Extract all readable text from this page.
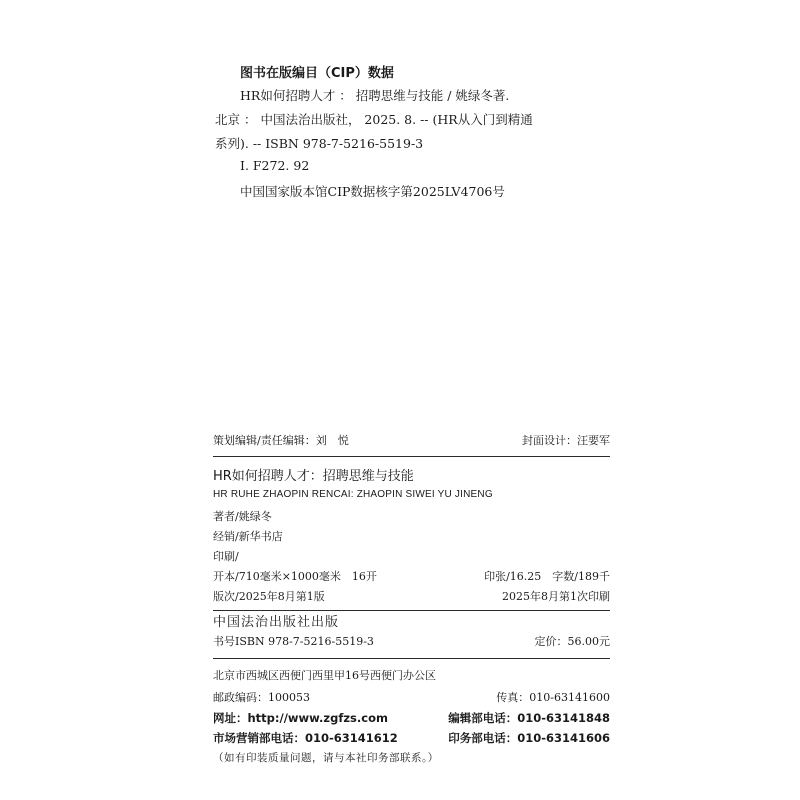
图书在版编目（CIP）数据
HR如何招聘人才 ： 招聘思维与技能 / 姚绿冬著.
北京 ： 中国法治出版社， 2025. 8. -- (HR从入门到精通
系列). -- ISBN 978-7-5216-5519-3
Ⅰ. F272. 92
中国国家版本馆CIP数据核字第2025LV4706号
策划编辑/责任编辑：刘　悦	封面设计：汪要军
HR如何招聘人才：招聘思维与技能
HR RUHE ZHAOPIN RENCAI: ZHAOPIN SIWEI YU JINENG
著者/姚绿冬
经销/新华书店
印刷/
开本/710毫米×1000毫米　16开	印张/16.25　字数/189千
版次/2025年8月第1版	2025年8月第1次印刷
中国法治出版社出版
书号ISBN 978-7-5216-5519-3	定价：56.00元
北京市西城区西便门西里甲16号西便门办公区
邮政编码：100053	传真：010-63141600
网址：http://www.zgfzs.com	编辑部电话：010-63141848
市场营销部电话：010-63141612	印务部电话：010-63141606
（如有印装质量问题，请与本社印务部联系。）
